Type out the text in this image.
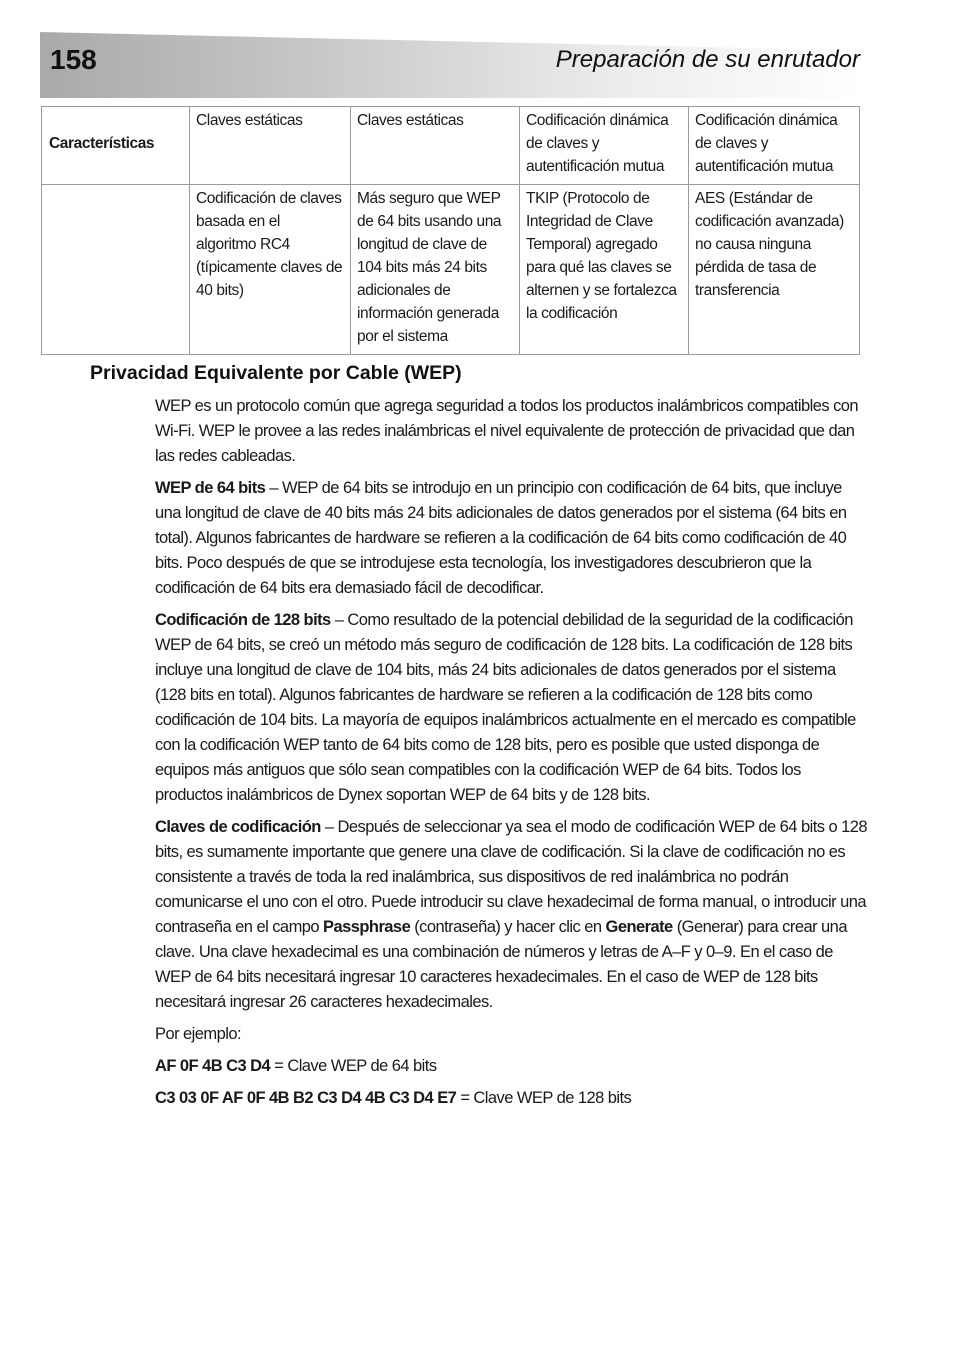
158	Preparación de su enrutador
Características	Claves estáticas	Claves estáticas	Codificación dinámica de claves y autentificación mutua	Codificación dinámica de claves y autentificación mutua
	Codificación de claves basada en el algoritmo RC4 (típicamente claves de 40 bits)	Más seguro que WEP de 64 bits usando una longitud de clave de 104 bits más 24 bits adicionales de información generada por el sistema	TKIP (Protocolo de Integridad de Clave Temporal) agregado para qué las claves se alternen y se fortalezca la codificación	AES (Estándar de codificación avanzada) no causa ninguna pérdida de tasa de transferencia
Privacidad Equivalente por Cable (WEP)

WEP es un protocolo común que agrega seguridad a todos los productos inalámbricos compatibles con Wi-Fi. WEP le provee a las redes inalámbricas el nivel equivalente de protección de privacidad que dan las redes cableadas.

WEP de 64 bits – WEP de 64 bits se introdujo en un principio con codificación de 64 bits, que incluye una longitud de clave de 40 bits más 24 bits adicionales de datos generados por el sistema (64 bits en total). Algunos fabricantes de hardware se refieren a la codificación de 64 bits como codificación de 40 bits. Poco después de que se introdujese esta tecnología, los investigadores descubrieron que la codificación de 64 bits era demasiado fácil de decodificar.

Codificación de 128 bits – Como resultado de la potencial debilidad de la seguridad de la codificación WEP de 64 bits, se creó un método más seguro de codificación de 128 bits. La codificación de 128 bits incluye una longitud de clave de 104 bits, más 24 bits adicionales de datos generados por el sistema (128 bits en total). Algunos fabricantes de hardware se refieren a la codificación de 128 bits como codificación de 104 bits. La mayoría de equipos inalámbricos actualmente en el mercado es compatible con la codificación WEP tanto de 64 bits como de 128 bits, pero es posible que usted disponga de equipos más antiguos que sólo sean compatibles con la codificación WEP de 64 bits. Todos los productos inalámbricos de Dynex soportan WEP de 64 bits y de 128 bits.

Claves de codificación – Después de seleccionar ya sea el modo de codificación WEP de 64 bits o 128 bits, es sumamente importante que genere una clave de codificación. Si la clave de codificación no es consistente a través de toda la red inalámbrica, sus dispositivos de red inalámbrica no podrán comunicarse el uno con el otro. Puede introducir su clave hexadecimal de forma manual, o introducir una contraseña en el campo Passphrase (contraseña) y hacer clic en Generate (Generar) para crear una clave. Una clave hexadecimal es una combinación de números y letras de A–F y 0–9. En el caso de WEP de 64 bits necesitará ingresar 10 caracteres hexadecimales. En el caso de WEP de 128 bits necesitará ingresar 26 caracteres hexadecimales.

Por ejemplo:

AF 0F 4B C3 D4 = Clave WEP de 64 bits

C3 03 0F AF 0F 4B B2 C3 D4 4B C3 D4 E7 = Clave WEP de 128 bits
